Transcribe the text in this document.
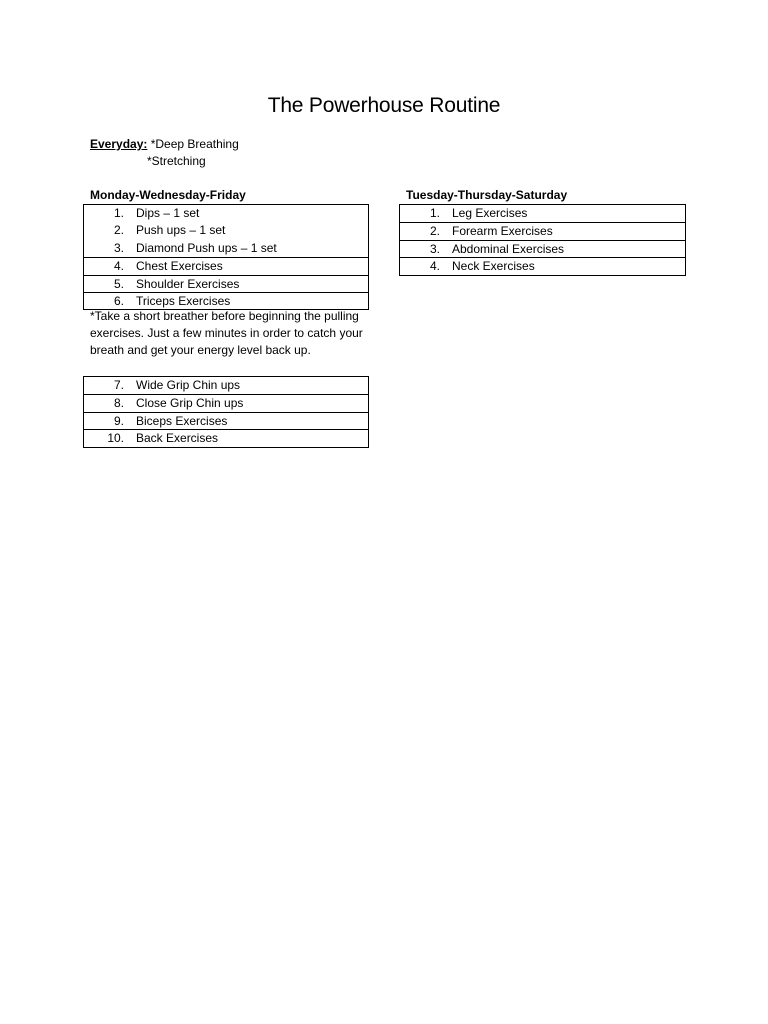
The Powerhouse Routine
Everyday: *Deep Breathing
*Stretching
Monday-Wednesday-Friday
1. Dips – 1 set
2. Push ups – 1 set
3. Diamond Push ups – 1 set
4. Chest Exercises
5. Shoulder Exercises
6. Triceps Exercises
*Take a short breather before beginning the pulling exercises. Just a few minutes in order to catch your breath and get your energy level back up.
7. Wide Grip Chin ups
8. Close Grip Chin ups
9. Biceps Exercises
10. Back Exercises
Tuesday-Thursday-Saturday
1. Leg Exercises
2. Forearm Exercises
3. Abdominal Exercises
4. Neck Exercises
